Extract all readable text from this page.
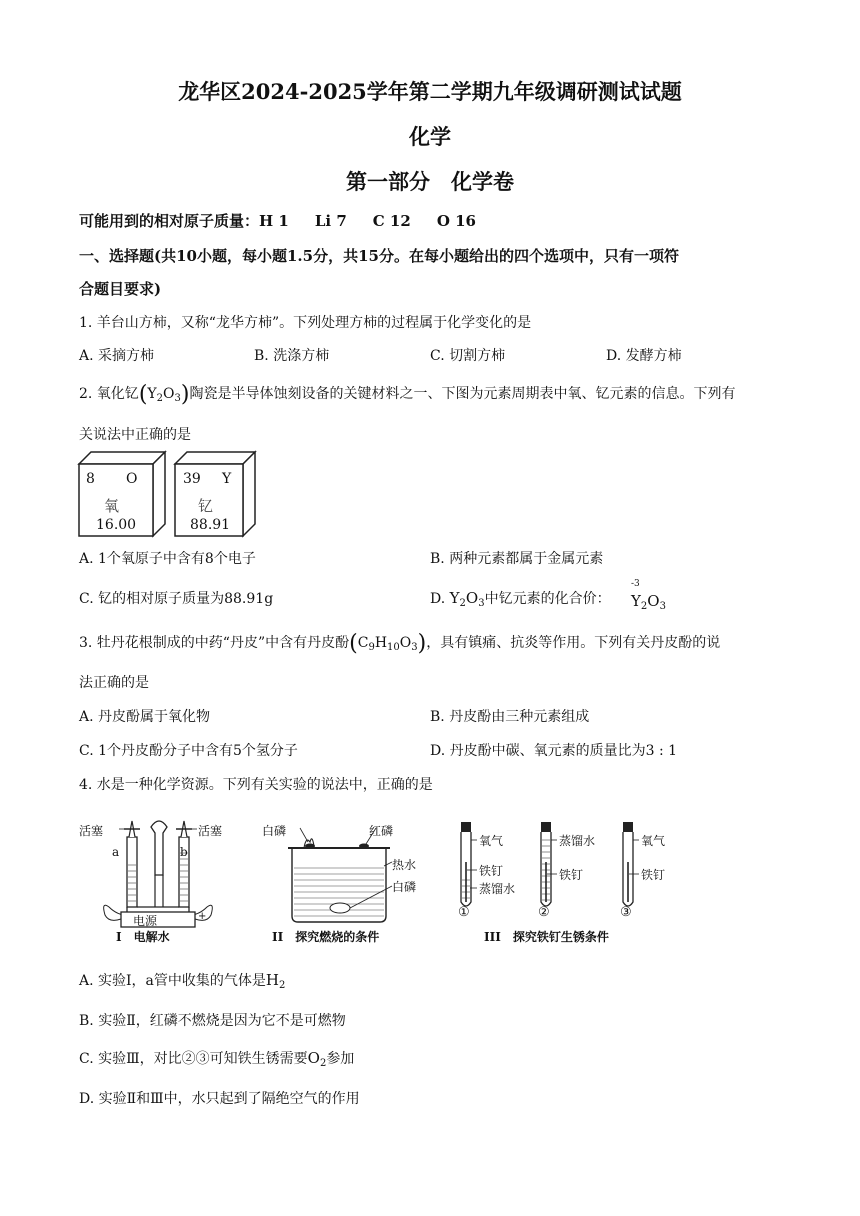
龙华区2024-2025学年第二学期九年级调研测试试题
化学
第一部分　化学卷
可能用到的相对原子质量：H 1 Li 7 C 12 O 16
一、选择题(共10小题，每小题1.5分，共15分。在每小题给出的四个选项中，只有一项符
合题目要求)
1. 羊台山方柿，又称“龙华方柿”。下列处理方柿的过程属于化学变化的是
A. 采摘方柿	B. 洗涤方柿	C. 切割方柿	D. 发酵方柿
2. 氧化钇$(Y_2O_3)$陶瓷是半导体蚀刻设备的关键材料之一、下图为元素周期表中氧、钇元素的信息。下列有
关说法中正确的是
8 O
氧
16.00
39 Y
钇
88.91
A. 1个氧原子中含有8个电子	B. 两种元素都属于金属元素
C. 钇的相对原子质量为88.91g	D. $Y_2O_3$中钇元素的化合价：
-3
$Y_2O_3$
3. 牡丹花根制成的中药“丹皮”中含有丹皮酚$(C_9H_{10}O_3)$，具有镇痛、抗炎等作用。下列有关丹皮酚的说
法正确的是
A. 丹皮酚属于氧化物	B. 丹皮酚由三种元素组成
C. 1个丹皮酚分子中含有5个氢分子	D. 丹皮酚中碳、氧元素的质量比为3 : 1
4. 水是一种化学资源。下列有关实验的说法中，正确的是
活塞	活塞
a	b
电源	+
I　电解水
白磷	红磷
热水
白磷
II　探究燃烧的条件
氧气
铁钉
蒸馏水
蒸馏水
铁钉
氧气
铁钉
①	②	③
III　探究铁钉生锈条件
A. 实验Ⅰ，a管中收集的气体是$H_2$
B. 实验Ⅱ，红磷不燃烧是因为它不是可燃物
C. 实验Ⅲ，对比②③可知铁生锈需要$O_2$参加
D. 实验Ⅱ和Ⅲ中，水只起到了隔绝空气的作用
